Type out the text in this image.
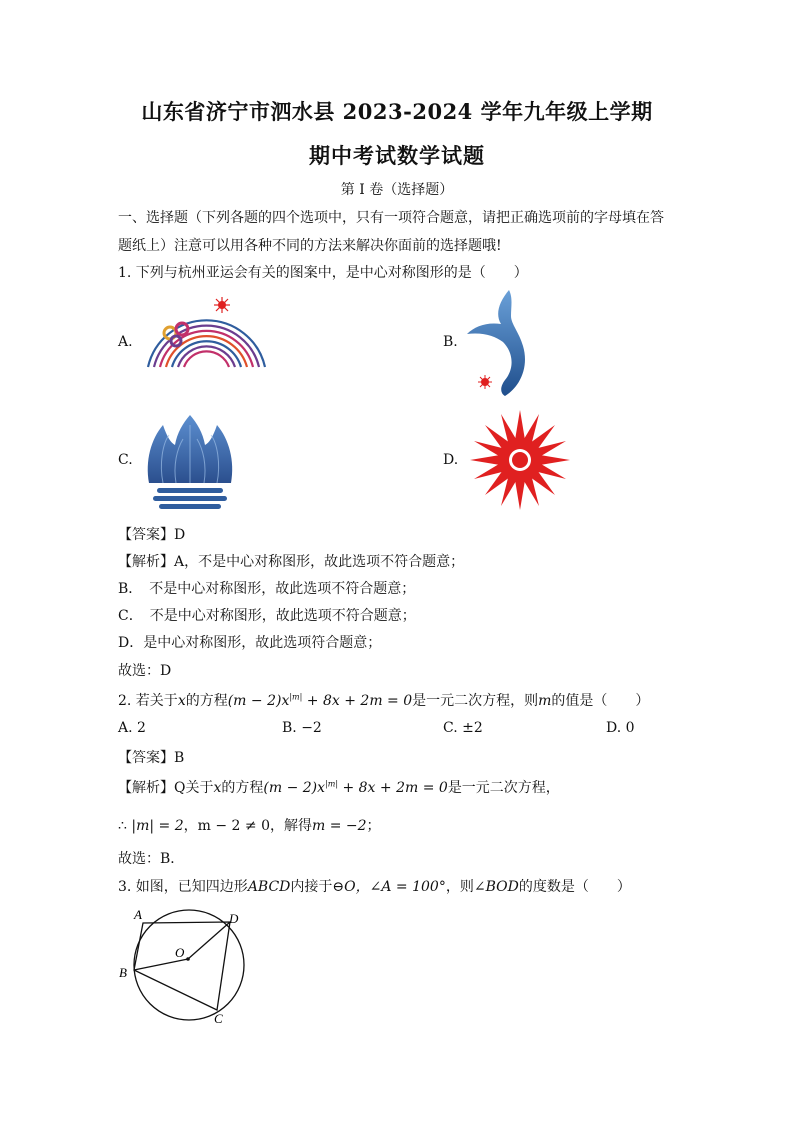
山东省济宁市泗水县 2023-2024 学年九年级上学期
期中考试数学试题
第 I 卷（选择题）
一、选择题（下列各题的四个选项中，只有一项符合题意，请把正确选项前的字母填在答
题纸上）注意可以用各种不同的方法来解决你面前的选择题哦!
1. 下列与杭州亚运会有关的图案中，是中心对称图形的是（　　）
A.	B.
C.	D.
【答案】D
【解析】A，不是中心对称图形，故此选项不符合题意；
B．　不是中心对称图形，故此选项不符合题意；
C．　不是中心对称图形，故此选项不符合题意；
D．是中心对称图形，故此选项符合题意；
故选：D
2. 若关于x的方程$(m - 2)x^{|m|} + 8x + 2m = 0$是一元二次方程，则m的值是（　　）
A. 2	B. −2	C. ±2	D. 0
【答案】B
【解析】Q关于x的方程$(m - 2)x^{|m|} + 8x + 2m = 0$是一元二次方程，
∴ |m| = 2，m − 2 ≠ 0，解得m = −2；
故选：B．
3. 如图，已知四边形ABCD内接于⊖O，∠A = 100°，则∠BOD的度数是（　　）
A	D
B
C
O
